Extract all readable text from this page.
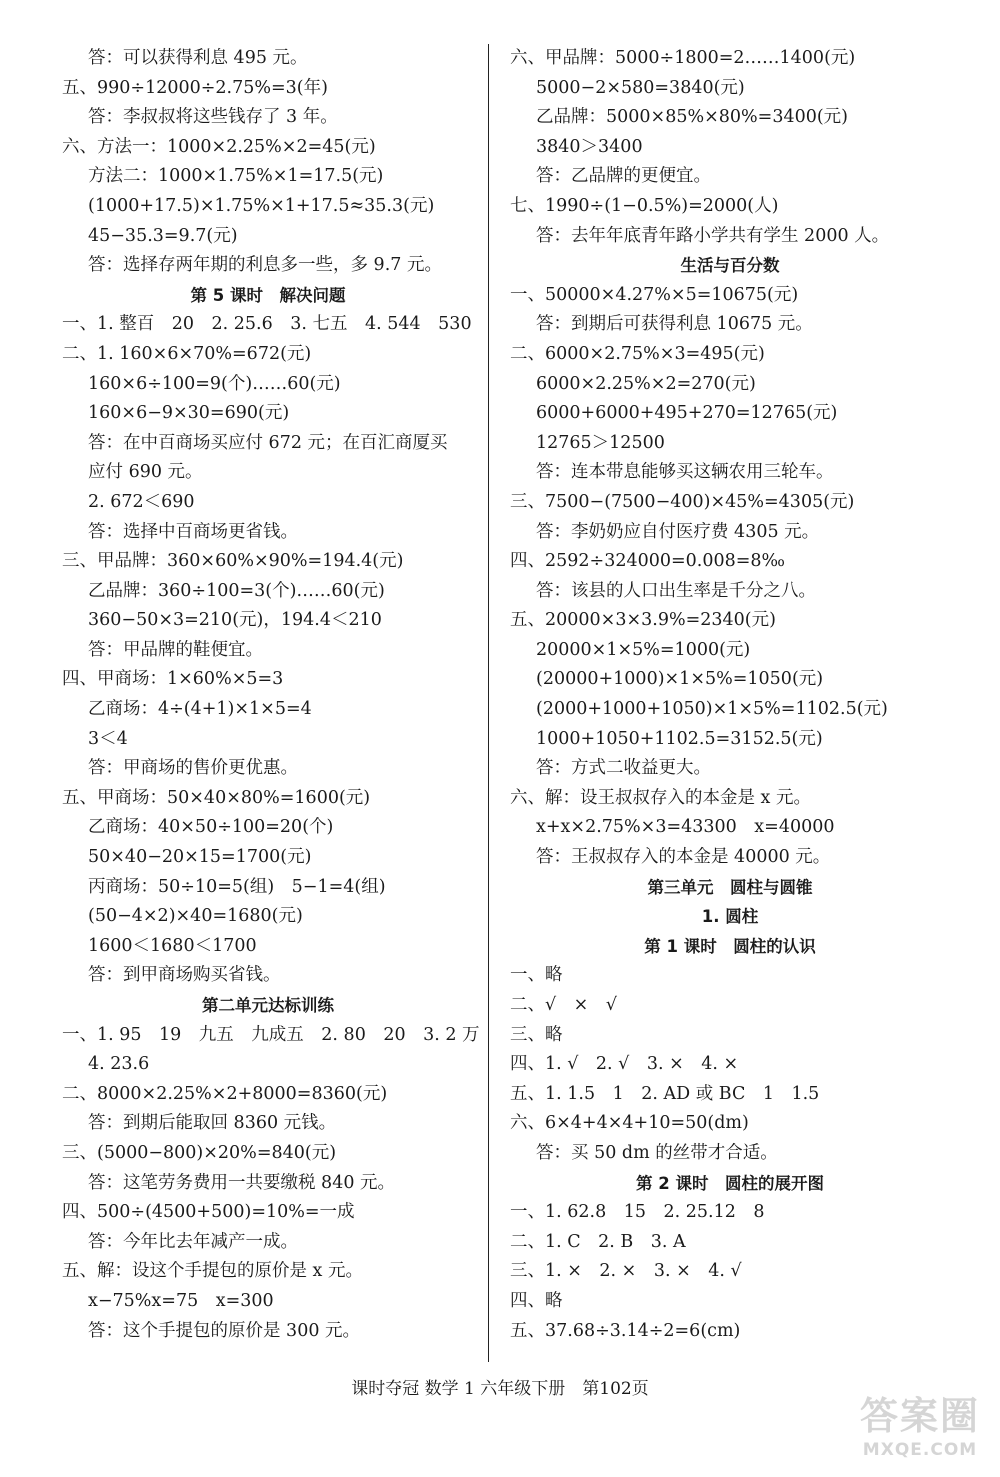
答：可以获得利息 495 元。
五、990÷12000÷2.75%=3(年)
答：李叔叔将这些钱存了 3 年。
六、方法一：1000×2.25%×2=45(元)
方法二：1000×1.75%×1=17.5(元)
(1000+17.5)×1.75%×1+17.5≈35.3(元)
45−35.3=9.7(元)
答：选择存两年期的利息多一些，多 9.7 元。
第 5 课时　解决问题
一、1. 整百　20　2. 25.6　3. 七五　4. 544　530
二、1. 160×6×70%=672(元)
160×6÷100=9(个)……60(元)
160×6−9×30=690(元)
答：在中百商场买应付 672 元；在百汇商厦买
应付 690 元。
2. 672＜690
答：选择中百商场更省钱。
三、甲品牌：360×60%×90%=194.4(元)
乙品牌：360÷100=3(个)……60(元)
360−50×3=210(元)，194.4＜210
答：甲品牌的鞋便宜。
四、甲商场：1×60%×5=3
乙商场：4÷(4+1)×1×5=4
3＜4
答：甲商场的售价更优惠。
五、甲商场：50×40×80%=1600(元)
乙商场：40×50÷100=20(个)
50×40−20×15=1700(元)
丙商场：50÷10=5(组)　5−1=4(组)
(50−4×2)×40=1680(元)
1600＜1680＜1700
答：到甲商场购买省钱。
第二单元达标训练
一、1. 95　19　九五　九成五　2. 80　20　3. 2 万
4. 23.6
二、8000×2.25%×2+8000=8360(元)
答：到期后能取回 8360 元钱。
三、(5000−800)×20%=840(元)
答：这笔劳务费用一共要缴税 840 元。
四、500÷(4500+500)=10%=一成
答：今年比去年减产一成。
五、解：设这个手提包的原价是 x 元。
x−75%x=75　x=300
答：这个手提包的原价是 300 元。
六、甲品牌：5000÷1800=2……1400(元)
5000−2×580=3840(元)
乙品牌：5000×85%×80%=3400(元)
3840＞3400
答：乙品牌的更便宜。
七、1990÷(1−0.5%)=2000(人)
答：去年年底青年路小学共有学生 2000 人。
生活与百分数
一、50000×4.27%×5=10675(元)
答：到期后可获得利息 10675 元。
二、6000×2.75%×3=495(元)
6000×2.25%×2=270(元)
6000+6000+495+270=12765(元)
12765＞12500
答：连本带息能够买这辆农用三轮车。
三、7500−(7500−400)×45%=4305(元)
答：李奶奶应自付医疗费 4305 元。
四、2592÷324000=0.008=8‰
答：该县的人口出生率是千分之八。
五、20000×3×3.9%=2340(元)
20000×1×5%=1000(元)
(20000+1000)×1×5%=1050(元)
(2000+1000+1050)×1×5%=1102.5(元)
1000+1050+1102.5=3152.5(元)
答：方式二收益更大。
六、解：设王叔叔存入的本金是 x 元。
x+x×2.75%×3=43300　x=40000
答：王叔叔存入的本金是 40000 元。
第三单元　圆柱与圆锥
1. 圆柱
第 1 课时　圆柱的认识
一、略
二、√　×　√
三、略
四、1. √　2. √　3. ×　4. ×
五、1. 1.5　1　2. AD 或 BC　1　1.5
六、6×4+4×4+10=50(dm)
答：买 50 dm 的丝带才合适。
第 2 课时　圆柱的展开图
一、1. 62.8　15　2. 25.12　8
二、1. C　2. B　3. A
三、1. ×　2. ×　3. ×　4. √
四、略
五、37.68÷3.14÷2=6(cm)
课时夺冠 数学 1 六年级下册　第102页
答案圈
MXQE.COM
